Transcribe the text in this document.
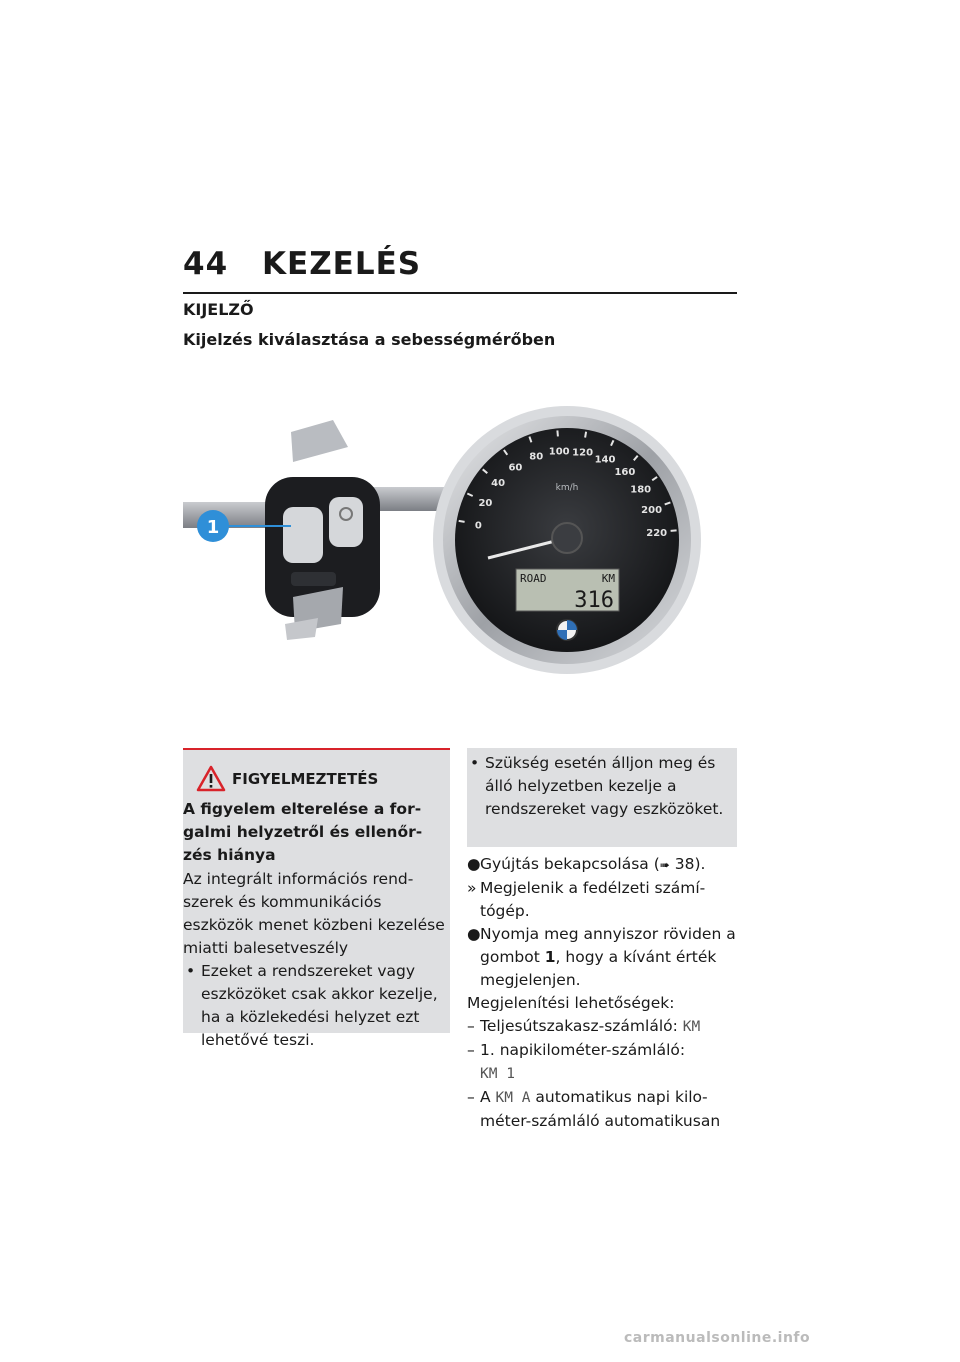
44 KEZELÉS
KIJELZŐ
Kijelzés kiválasztása a sebességmérőben
1	0
20
40
60
80 100 120
140
160
180
200
220
km/h
ROAD	KM
316
FIGYELMEZTETÉS
A figyelem elterelése a forgalmi helyzetről és ellenőrzés hiánya
Az integrált információs rendszerek és kommunikációs eszközök menet közbeni kezelése miatti balesetveszély
• Ezeket a rendszereket vagy eszközöket csak akkor kezelje, ha a közlekedési helyzet ezt lehetővé teszi.
• Szükség esetén álljon meg és álló helyzetben kezelje a rendszereket vagy eszközöket.
● Gyújtás bekapcsolása (➠ 38).
» Megjelenik a fedélzeti számítógép.
● Nyomja meg annyiszor röviden a gombot 1, hogy a kívánt érték megjelenjen.
Megjelenítési lehetőségek:
– Teljesútszakasz-számláló: KM
– 1. napikilométer-számláló:
KM 1
– A KM A automatikus napi kilométer-számláló automatikusan
carmanualsonline.info
